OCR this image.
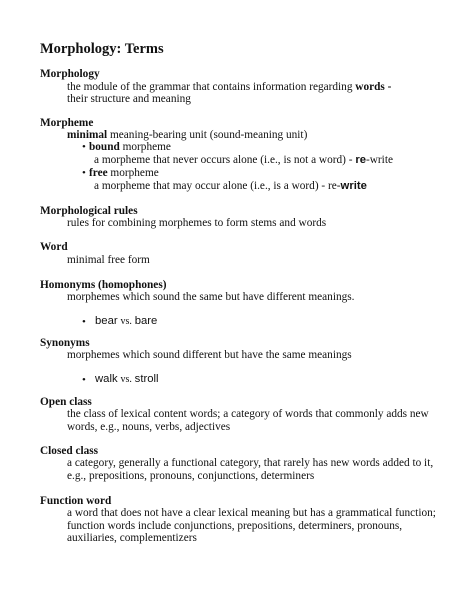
Morphology: Terms
Morphology
the module of the grammar that contains information regarding words -
their structure and meaning
Morpheme
minimal meaning-bearing unit (sound-meaning unit)
• bound morpheme
a morpheme that never occurs alone (i.e., is not a word) - re-write
• free morpheme
a morpheme that may occur alone (i.e., is a word) - re-write
Morphological rules
rules for combining morphemes to form stems and words
Word
minimal free form
Homonyms (homophones)
morphemes which sound the same but have different meanings.
• bear vs. bare
Synonyms
morphemes which sound different but have the same meanings
• walk vs. stroll
Open class
the class of lexical content words; a category of words that commonly adds new
words, e.g., nouns, verbs, adjectives
Closed class
a category, generally a functional category, that rarely has new words added to it,
e.g., prepositions, pronouns, conjunctions, determiners
Function word
a word that does not have a clear lexical meaning but has a grammatical function;
function words include conjunctions, prepositions, determiners, pronouns,
auxiliaries, complementizers
